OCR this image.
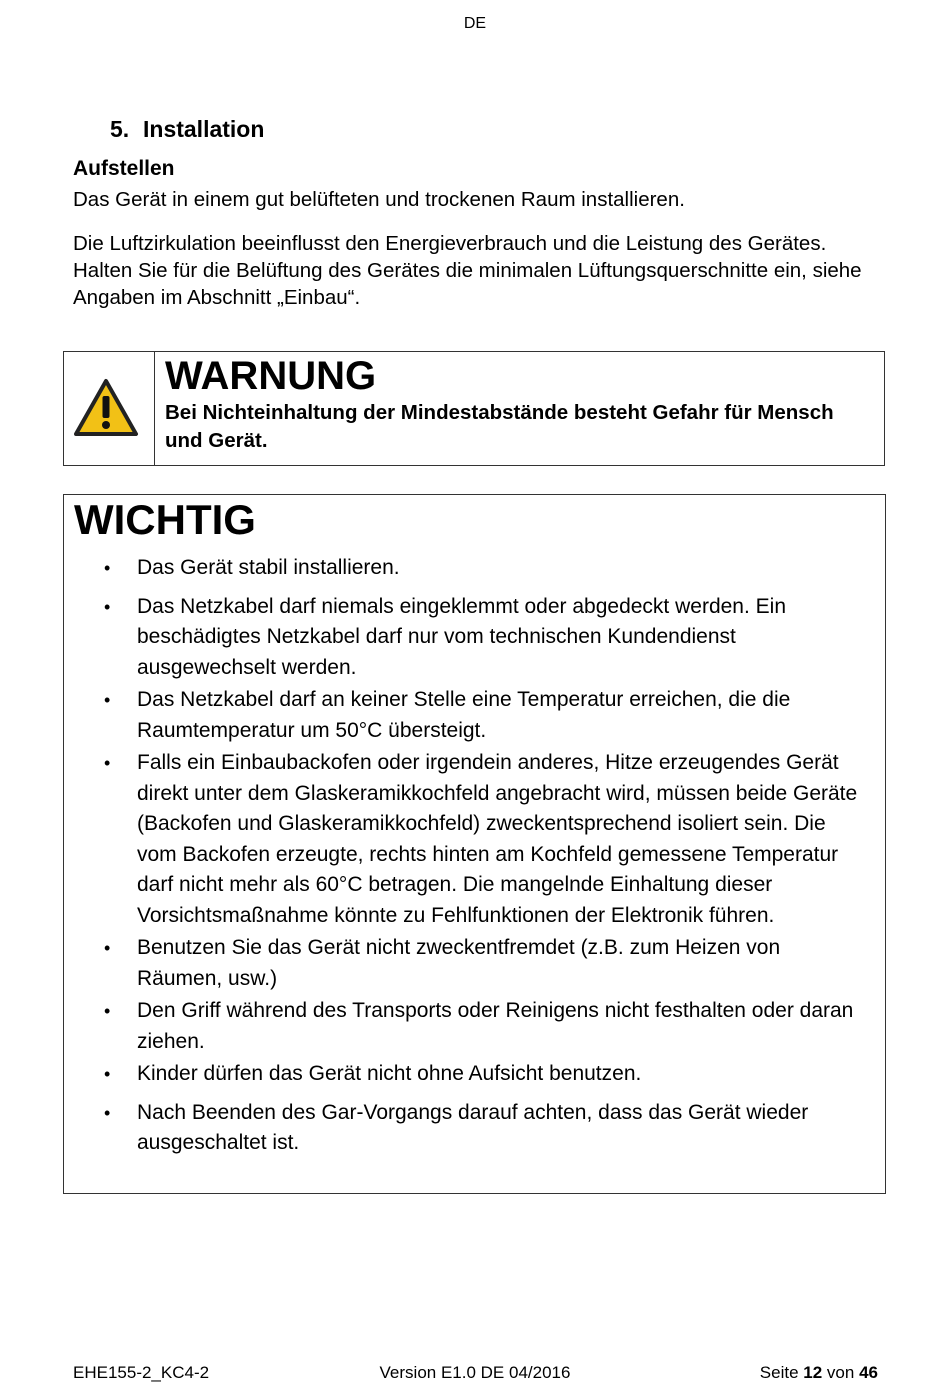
DE
5. Installation
Aufstellen
Das Gerät in einem gut belüfteten und trockenen Raum installieren.
Die Luftzirkulation beeinflusst den Energieverbrauch und die Leistung des Gerätes. Halten Sie für die Belüftung des Gerätes die minimalen Lüftungsquerschnitte ein, siehe Angaben im Abschnitt „Einbau“.
WARNUNG
Bei Nichteinhaltung der Mindestabstände besteht Gefahr für Mensch und Gerät.
WICHTIG
• Das Gerät stabil installieren.
• Das Netzkabel darf niemals eingeklemmt oder abgedeckt werden. Ein beschädigtes Netzkabel darf nur vom technischen Kundendienst ausgewechselt werden.
• Das Netzkabel darf an keiner Stelle eine Temperatur erreichen, die die Raumtemperatur um 50°C übersteigt.
• Falls ein Einbaubackofen oder irgendein anderes, Hitze erzeugendes Gerät direkt unter dem Glaskeramikkochfeld angebracht wird, müssen beide Geräte (Backofen und Glaskeramikkochfeld) zweckentsprechend isoliert sein. Die vom Backofen erzeugte, rechts hinten am Kochfeld gemessene Temperatur darf nicht mehr als 60°C betragen. Die mangelnde Einhaltung dieser Vorsichtsmaßnahme könnte zu Fehlfunktionen der Elektronik führen.
• Benutzen Sie das Gerät nicht zweckentfremdet (z.B. zum Heizen von Räumen, usw.)
• Den Griff während des Transports oder Reinigens nicht festhalten oder daran ziehen.
• Kinder dürfen das Gerät nicht ohne Aufsicht benutzen.
• Nach Beenden des Gar-Vorgangs darauf achten, dass das Gerät wieder ausgeschaltet ist.
EHE155-2_KC4-2	Version E1.0 DE 04/2016	Seite 12 von 46
